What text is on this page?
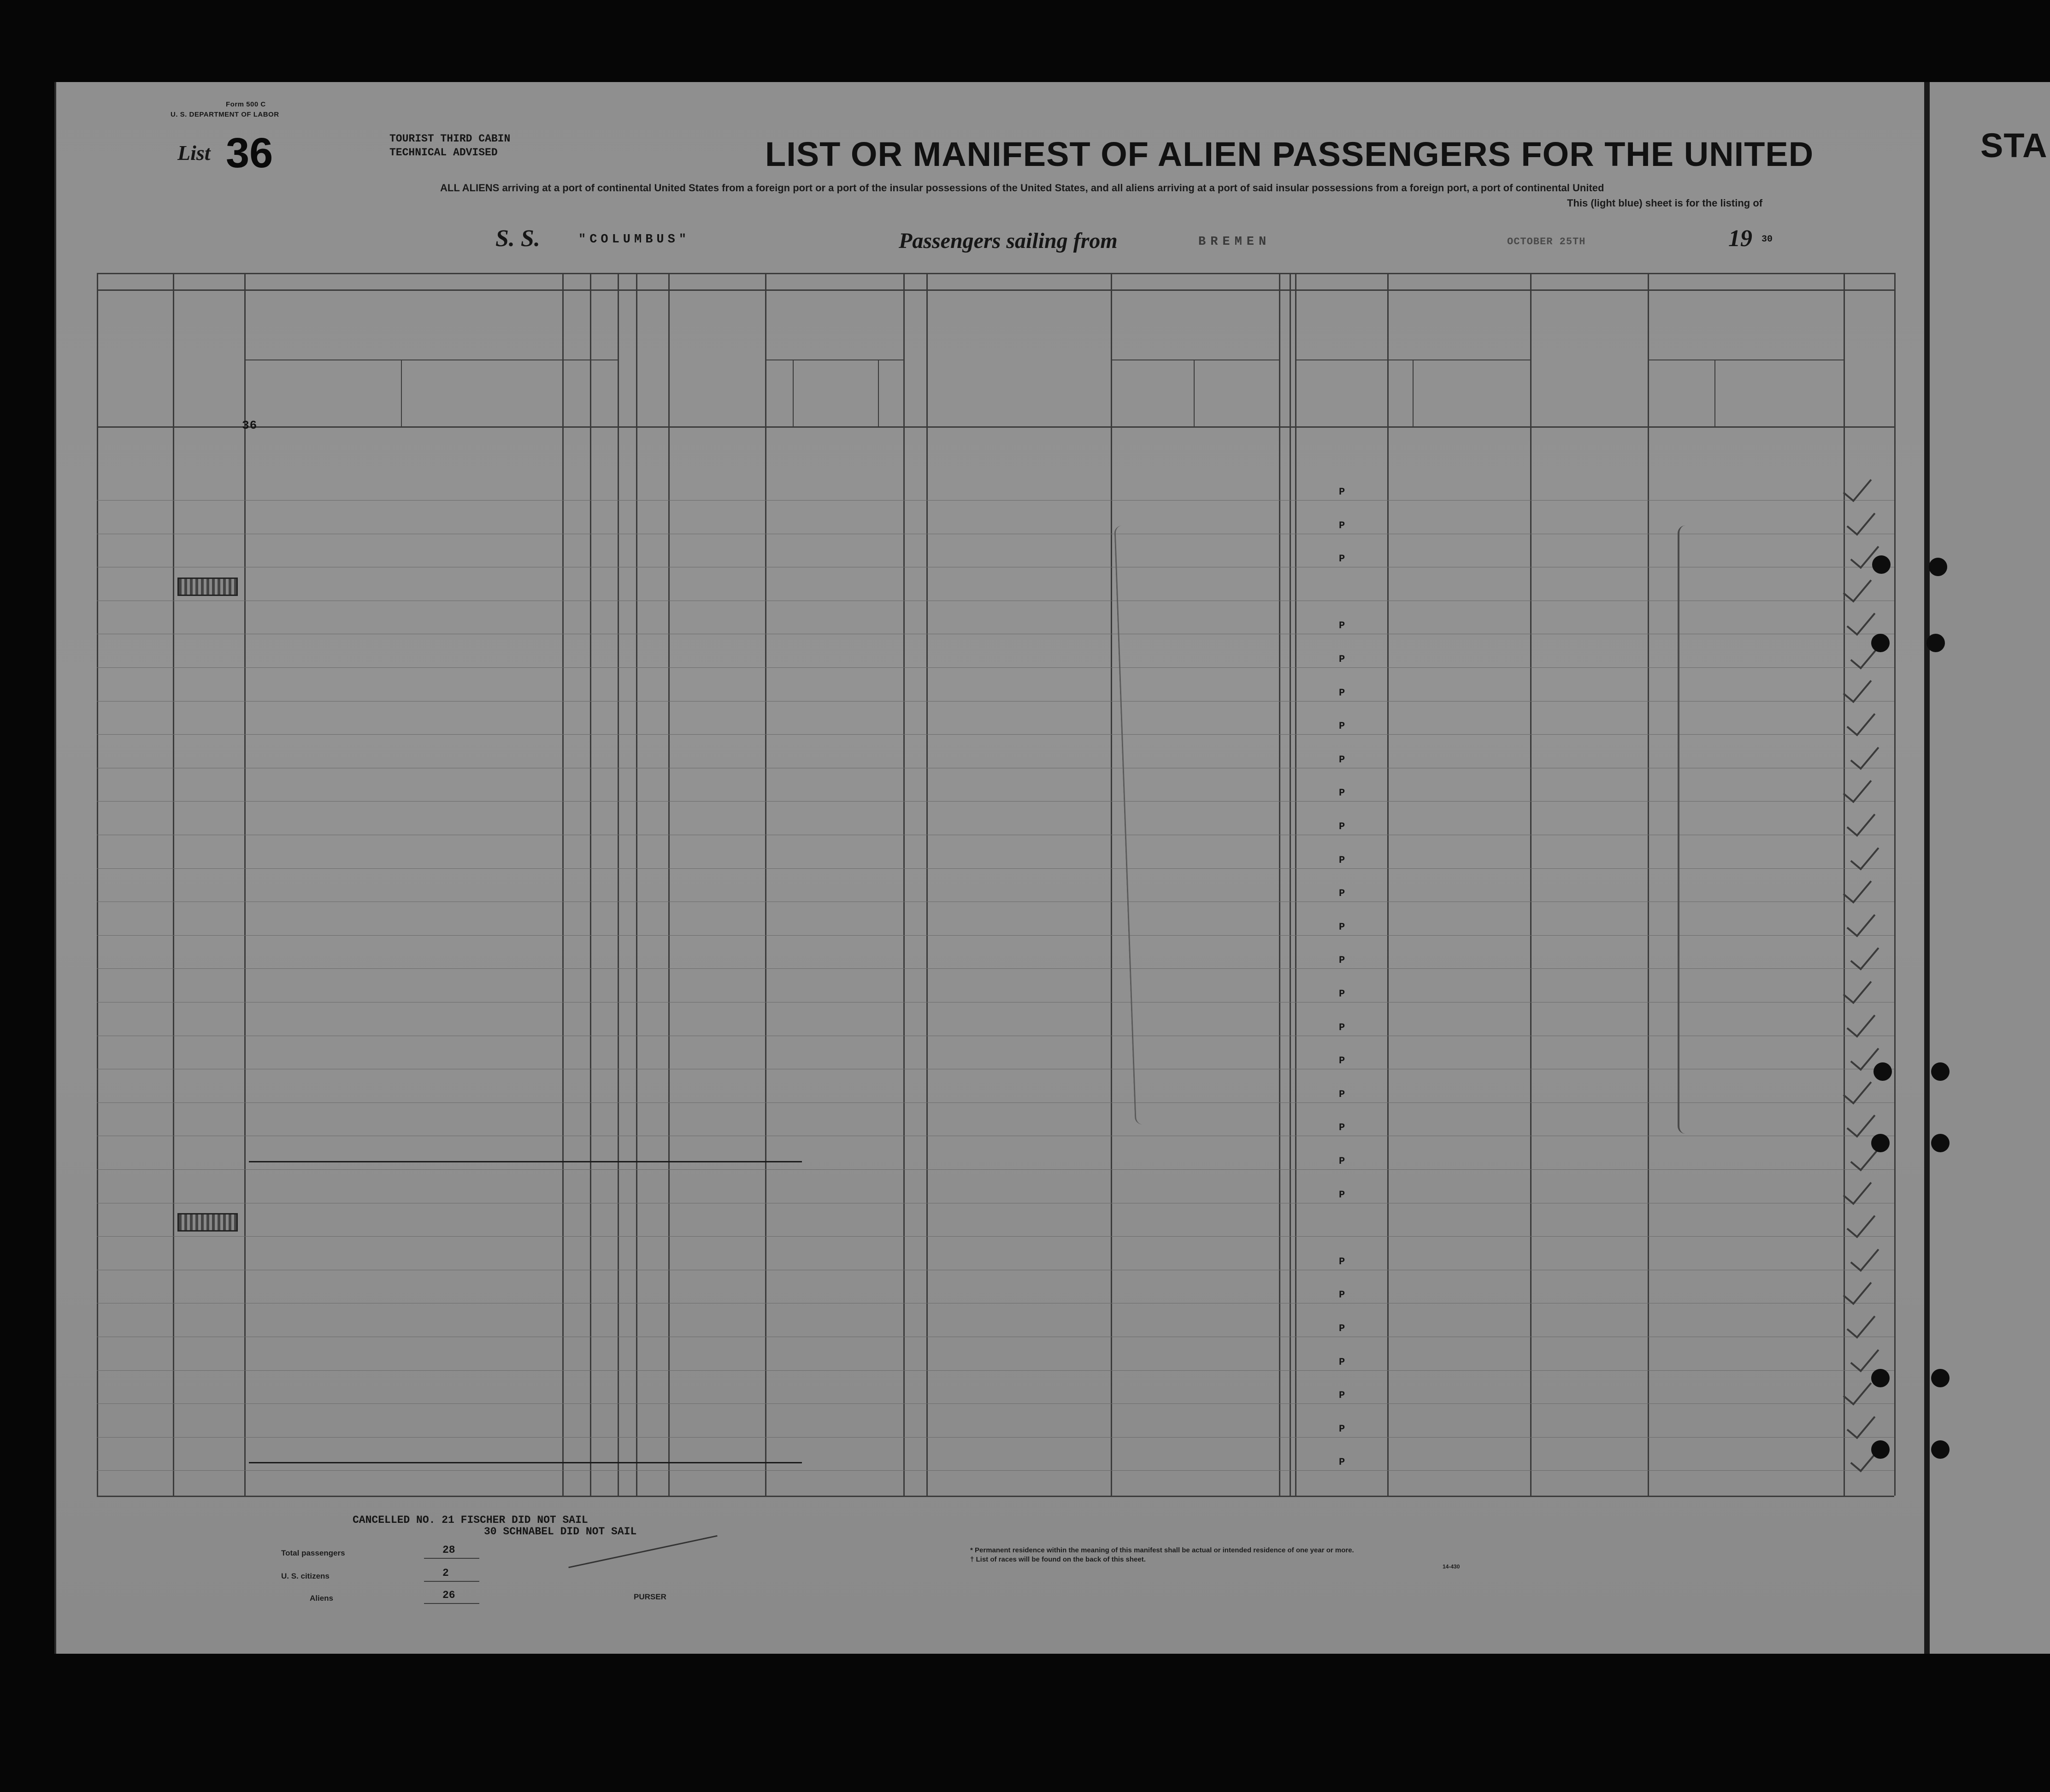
STA
Form 500 C
U. S. DEPARTMENT OF LABOR
List 36	TOURIST THIRD CABIN
TECHNICAL ADVISED	LIST OR MANIFEST OF ALIEN PASSENGERS FOR THE UNITED
ALL ALIENS arriving at a port of continental United States from a foreign port or a port of the insular possessions of the United States, and all aliens arriving at a port of said insular possessions from a foreign port, a port of continental United
This (light blue) sheet is for the listing of
S. S.	"COLUMBUS"	Passengers sailing from	BREMEN	OCTOBER 25TH	19 30
36
P
P
P
P
P
P
P
P
P
P
P
P
P
P
P
P
P
P
P
P
P
P
P
P
P
P
P
P
CANCELLED NO. 21 FISCHER DID NOT SAIL
30 SCHNABEL DID NOT SAIL
Total passengers	28
U. S. citizens	2
Aliens	26	PURSER
* Permanent residence within the meaning of this manifest shall be actual or intended residence of one year or more.
† List of races will be found on the back of this sheet.
14-430
